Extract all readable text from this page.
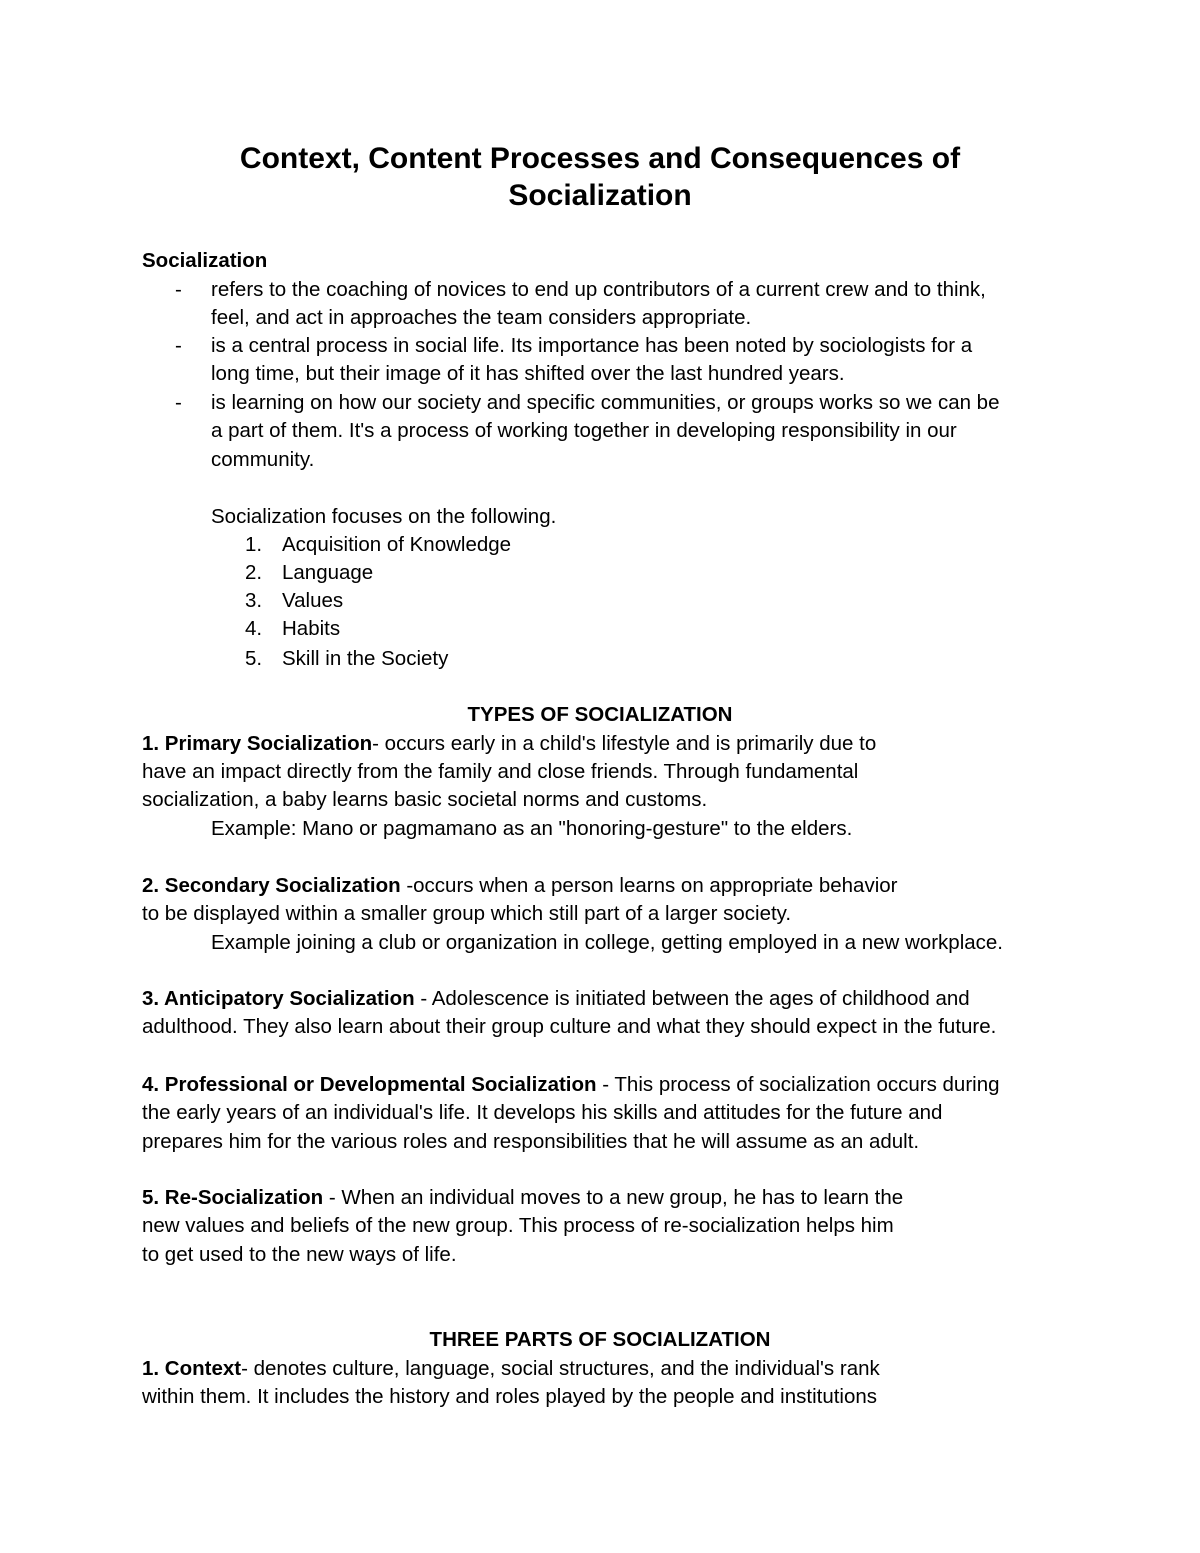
Context, Content Processes and Consequences of
Socialization
Socialization
- refers to the coaching of novices to end up contributors of a current crew and to think,
feel, and act in approaches the team considers appropriate.
- is a central process in social life. Its importance has been noted by sociologists for a
long time, but their image of it has shifted over the last hundred years.
- is learning on how our society and specific communities, or groups works so we can be
a part of them. It's a process of working together in developing responsibility in our
community.
Socialization focuses on the following.
1. Acquisition of Knowledge
2. Language
3. Values
4. Habits
5. Skill in the Society
TYPES OF SOCIALIZATION
1. Primary Socialization- occurs early in a child's lifestyle and is primarily due to
have an impact directly from the family and close friends. Through fundamental
socialization, a baby learns basic societal norms and customs.
Example: Mano or pagmamano as an "honoring-gesture" to the elders.
2. Secondary Socialization -occurs when a person learns on appropriate behavior
to be displayed within a smaller group which still part of a larger society.
Example joining a club or organization in college, getting employed in a new workplace.
3. Anticipatory Socialization - Adolescence is initiated between the ages of childhood and
adulthood. They also learn about their group culture and what they should expect in the future.
4. Professional or Developmental Socialization - This process of socialization occurs during
the early years of an individual's life. It develops his skills and attitudes for the future and
prepares him for the various roles and responsibilities that he will assume as an adult.
5. Re-Socialization - When an individual moves to a new group, he has to learn the
new values and beliefs of the new group. This process of re-socialization helps him
to get used to the new ways of life.
THREE PARTS OF SOCIALIZATION
1. Context- denotes culture, language, social structures, and the individual's rank
within them. It includes the history and roles played by the people and institutions
